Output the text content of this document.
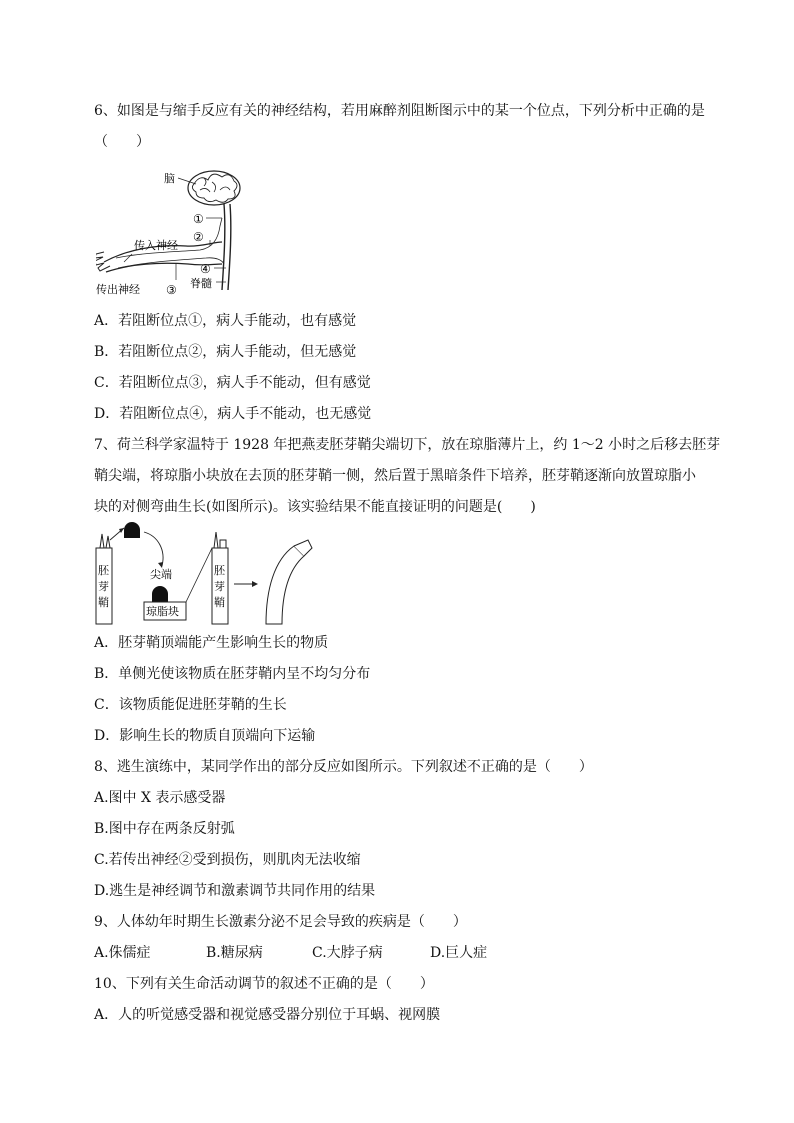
6、如图是与缩手反应有关的神经结构，若用麻醉剂阻断图示中的某一个位点，下列分析中正确的是
（　　）
脑
①
②
③
④
脊髓
传入神经
传出神经
A．若阻断位点①，病人手能动，也有感觉
B．若阻断位点②，病人手能动，但无感觉
C．若阻断位点③，病人手不能动，但有感觉
D．若阻断位点④，病人手不能动，也无感觉
7、荷兰科学家温特于 1928 年把燕麦胚芽鞘尖端切下，放在琼脂薄片上，约 1～2 小时之后移去胚芽
鞘尖端，将琼脂小块放在去顶的胚芽鞘一侧，然后置于黑暗条件下培养，胚芽鞘逐渐向放置琼脂小
块的对侧弯曲生长(如图所示)。该实验结果不能直接证明的问题是(　　)
胚
芽
鞘
尖端
琼脂块
胚
芽
鞘
A．胚芽鞘顶端能产生影响生长的物质
B．单侧光使该物质在胚芽鞘内呈不均匀分布
C．该物质能促进胚芽鞘的生长
D．影响生长的物质自顶端向下运输
8、逃生演练中，某同学作出的部分反应如图所示。下列叙述不正确的是（　　）
A.图中 X 表示感受器
B.图中存在两条反射弧
C.若传出神经②受到损伤，则肌肉无法收缩
D.逃生是神经调节和激素调节共同作用的结果
9、人体幼年时期生长激素分泌不足会导致的疾病是（　　）
A.侏儒症	B.糖尿病	C.大脖子病	D.巨人症
10、下列有关生命活动调节的叙述不正确的是（　　）
A．人的听觉感受器和视觉感受器分别位于耳蜗、视网膜
